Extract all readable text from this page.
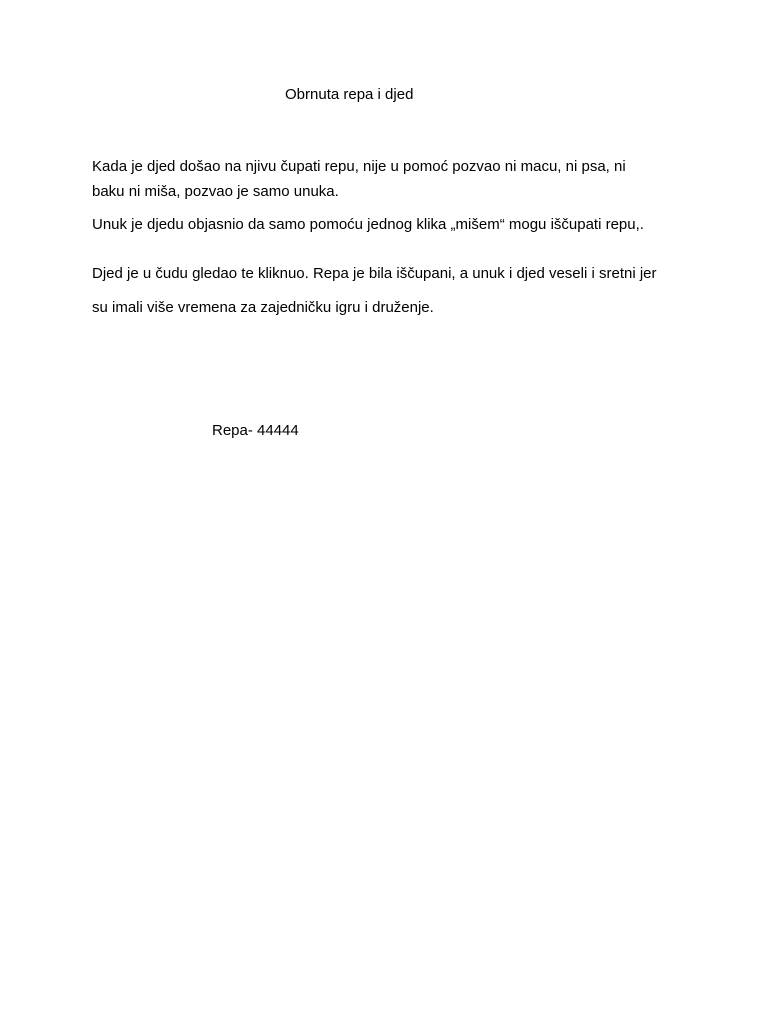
Obrnuta repa i djed
Kada je djed došao na njivu čupati repu, nije u pomoć pozvao ni macu, ni psa, ni
baku ni miša, pozvao je samo unuka.
Unuk je djedu objasnio da samo pomoću jednog klika „mišem“ mogu iščupati repu,.
Djed je u čudu gledao te kliknuo. Repa je bila iščupani, a unuk i djed veseli i sretni jer
su imali više vremena za zajedničku igru i druženje.
Repa- 44444
